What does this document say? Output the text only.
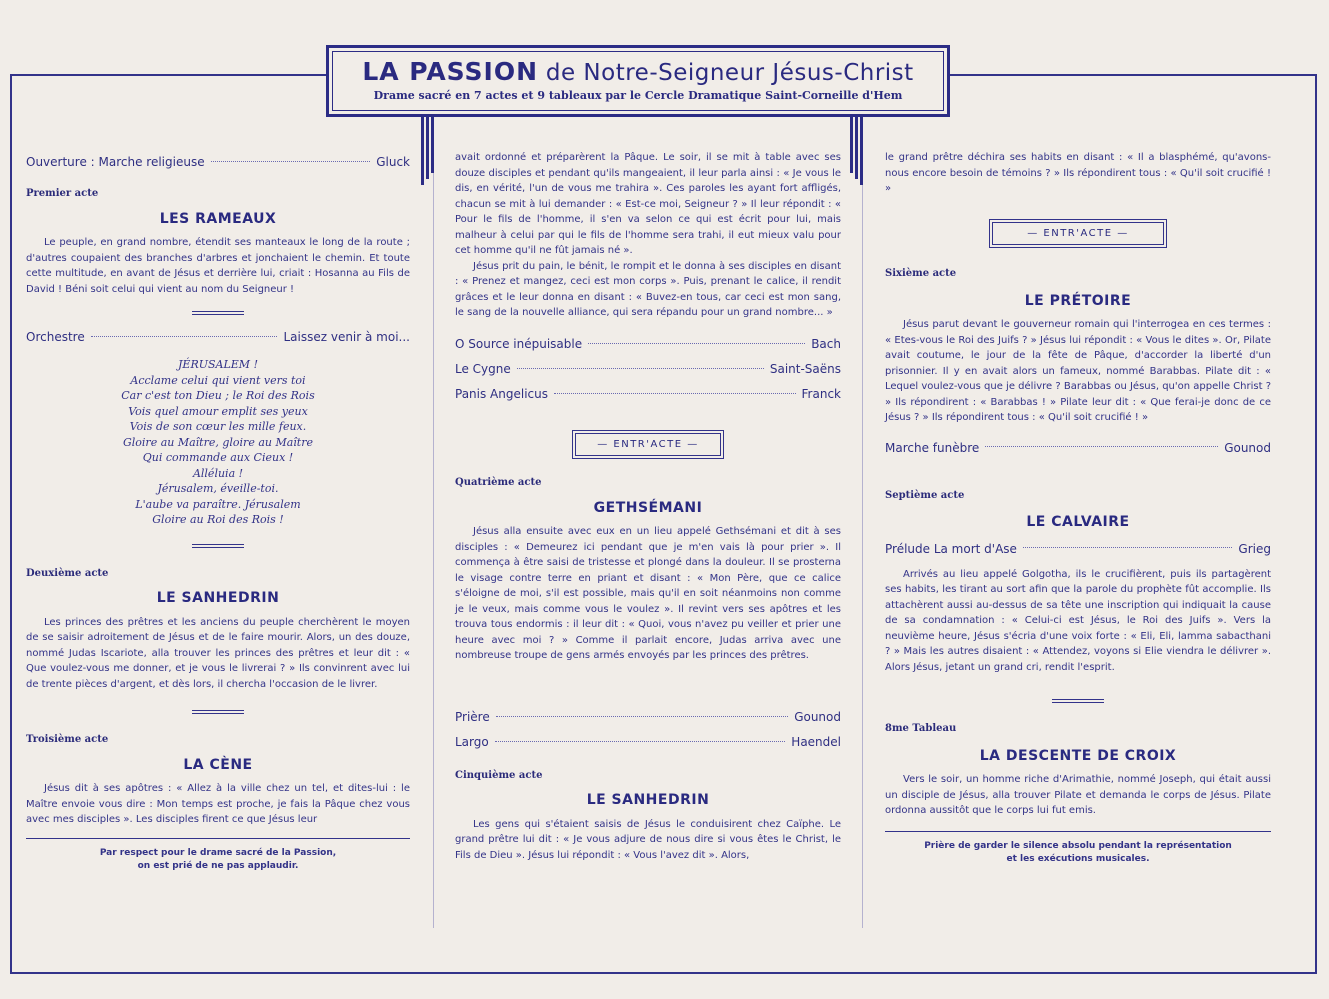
LA PASSION de Notre-Seigneur Jésus-Christ
Drame sacré en 7 actes et 9 tableaux par le Cercle Dramatique Saint-Corneille d'Hem
Ouverture : Marche religieuse	Gluck

Premier acte

LES RAMEAUX

Le peuple, en grand nombre, étendit ses manteaux le long de la route ; d'autres coupaient des branches d'arbres et jonchaient le chemin. Et toute cette multitude, en avant de Jésus et derrière lui, criait : Hosanna au Fils de David ! Béni soit celui qui vient au nom du Seigneur !

Orchestre	Laissez venir à moi...

JÉRUSALEM !

Acclame celui qui vient vers toi

Car c'est ton Dieu ; le Roi des Rois

Vois quel amour emplit ses yeux

Vois de son cœur les mille feux.

Gloire au Maître, gloire au Maître

Qui commande aux Cieux !

Alléluia !

Jérusalem, éveille-toi.

L'aube va paraître. Jérusalem

Gloire au Roi des Rois !

Deuxième acte

LE SANHEDRIN

Les princes des prêtres et les anciens du peuple cherchèrent le moyen de se saisir adroitement de Jésus et de le faire mourir. Alors, un des douze, nommé Judas Iscariote, alla trouver les princes des prêtres et leur dit : « Que voulez-vous me donner, et je vous le livrerai ? » Ils convinrent avec lui de trente pièces d'argent, et dès lors, il chercha l'occasion de le livrer.

Troisième acte

LA CÈNE

Jésus dit à ses apôtres : « Allez à la ville chez un tel, et dites-lui : le Maître envoie vous dire : Mon temps est proche, je fais la Pâque chez vous avec mes disciples ». Les disciples firent ce que Jésus leur

Par respect pour le drame sacré de la Passion,

on est prié de ne pas applaudir.

avait ordonné et préparèrent la Pâque. Le soir, il se mit à table avec ses douze disciples et pendant qu'ils mangeaient, il leur parla ainsi : « Je vous le dis, en vérité, l'un de vous me trahira ». Ces paroles les ayant fort affligés, chacun se mit à lui demander : « Est-ce moi, Seigneur ? » Il leur répondit : « Pour le fils de l'homme, il s'en va selon ce qui est écrit pour lui, mais malheur à celui par qui le fils de l'homme sera trahi, il eut mieux valu pour cet homme qu'il ne fût jamais né ».

Jésus prit du pain, le bénit, le rompit et le donna à ses disciples en disant : « Prenez et mangez, ceci est mon corps ». Puis, prenant le calice, il rendit grâces et le leur donna en disant : « Buvez-en tous, car ceci est mon sang, le sang de la nouvelle alliance, qui sera répandu pour un grand nombre... »

O Source inépuisable	Bach
Le Cygne	Saint-Saëns
Panis Angelicus	Franck
— ENTR'ACTE —

Quatrième acte

GETHSÉMANI

Jésus alla ensuite avec eux en un lieu appelé Gethsémani et dit à ses disciples : « Demeurez ici pendant que je m'en vais là pour prier ». Il commença à être saisi de tristesse et plongé dans la douleur. Il se prosterna le visage contre terre en priant et disant : « Mon Père, que ce calice s'éloigne de moi, s'il est possible, mais qu'il en soit néanmoins non comme je le veux, mais comme vous le voulez ». Il revint vers ses apôtres et les trouva tous endormis : il leur dit : « Quoi, vous n'avez pu veiller et prier une heure avec moi ? » Comme il parlait encore, Judas arriva avec une nombreuse troupe de gens armés envoyés par les princes des prêtres.

Prière	Gounod
Largo	Haendel

Cinquième acte

LE SANHEDRIN

Les gens qui s'étaient saisis de Jésus le conduisirent chez Caïphe. Le grand prêtre lui dit : « Je vous adjure de nous dire si vous êtes le Christ, le Fils de Dieu ». Jésus lui répondit : « Vous l'avez dit ». Alors,

le grand prêtre déchira ses habits en disant : « Il a blasphémé, qu'avons-nous encore besoin de témoins ? » Ils répondirent tous : « Qu'il soit crucifié ! »

— ENTR'ACTE —

Sixième acte

LE PRÉTOIRE

Jésus parut devant le gouverneur romain qui l'interrogea en ces termes : « Etes-vous le Roi des Juifs ? » Jésus lui répondit : « Vous le dites ». Or, Pilate avait coutume, le jour de la fête de Pâque, d'accorder la liberté d'un prisonnier. Il y en avait alors un fameux, nommé Barabbas. Pilate dit : « Lequel voulez-vous que je délivre ? Barabbas ou Jésus, qu'on appelle Christ ? » Ils répondirent : « Barabbas ! » Pilate leur dit : « Que ferai-je donc de ce Jésus ? » Ils répondirent tous : « Qu'il soit crucifié ! »

Marche funèbre	Gounod

Septième acte

LE CALVAIRE

Prélude La mort d'Ase	Grieg

Arrivés au lieu appelé Golgotha, ils le crucifièrent, puis ils partagèrent ses habits, les tirant au sort afin que la parole du prophète fût accomplie. Ils attachèrent aussi au-dessus de sa tête une inscription qui indiquait la cause de sa condamnation : « Celui-ci est Jésus, le Roi des Juifs ». Vers la neuvième heure, Jésus s'écria d'une voix forte : « Eli, Eli, lamma sabacthani ? » Mais les autres disaient : « Attendez, voyons si Elie viendra le délivrer ». Alors Jésus, jetant un grand cri, rendit l'esprit.

8me Tableau

LA DESCENTE DE CROIX

Vers le soir, un homme riche d'Arimathie, nommé Joseph, qui était aussi un disciple de Jésus, alla trouver Pilate et demanda le corps de Jésus. Pilate ordonna aussitôt que le corps lui fut emis.

Prière de garder le silence absolu pendant la représentation

et les exécutions musicales.
